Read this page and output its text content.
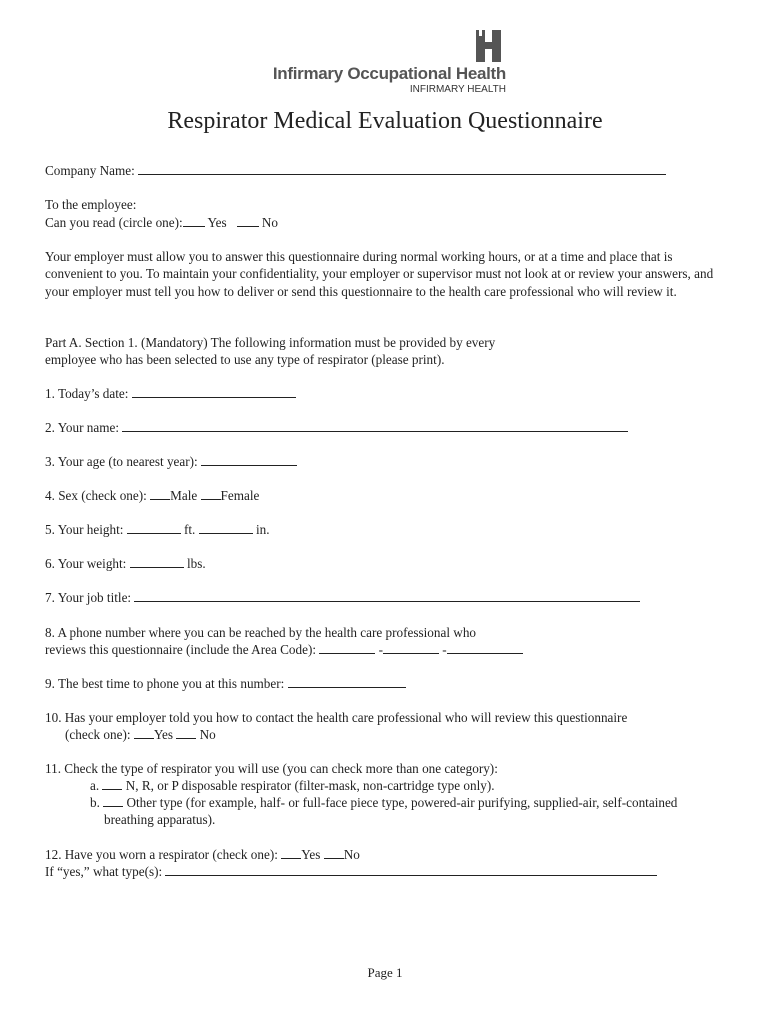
Infirmary Occupational Health
INFIRMARY HEALTH
Respirator Medical Evaluation Questionnaire
Company Name:
To the employee:
Can you read (circle one): Yes	No
Your employer must allow you to answer this questionnaire during normal working hours, or at a time and place that is convenient to you. To maintain your confidentiality, your employer or supervisor must not look at or review your answers, and your employer must tell you how to deliver or send this questionnaire to the health care professional who will review it.
Part A. Section 1. (Mandatory) The following information must be provided by every employee who has been selected to use any type of respirator (please print).
1. Today’s date:
2. Your name:
3. Your age (to nearest year):
4. Sex (check one): Male Female
5. Your height:	ft.	in.
6. Your weight:	lbs.
7. Your job title:
8. A phone number where you can be reached by the health care professional who
reviews this questionnaire (include the Area Code):	-	-
9. The best time to phone you at this number:
10. Has your employer told you how to contact the health care professional who will review this questionnaire
(check one): Yes No
11. Check the type of respirator you will use (you can check more than one category):
a. N, R, or P disposable respirator (filter-mask, non-cartridge type only).
b. Other type (for example, half- or full-face piece type, powered-air purifying, supplied-air, self-contained
breathing apparatus).
12. Have you worn a respirator (check one): Yes No
If “yes,” what type(s):
Page 1
